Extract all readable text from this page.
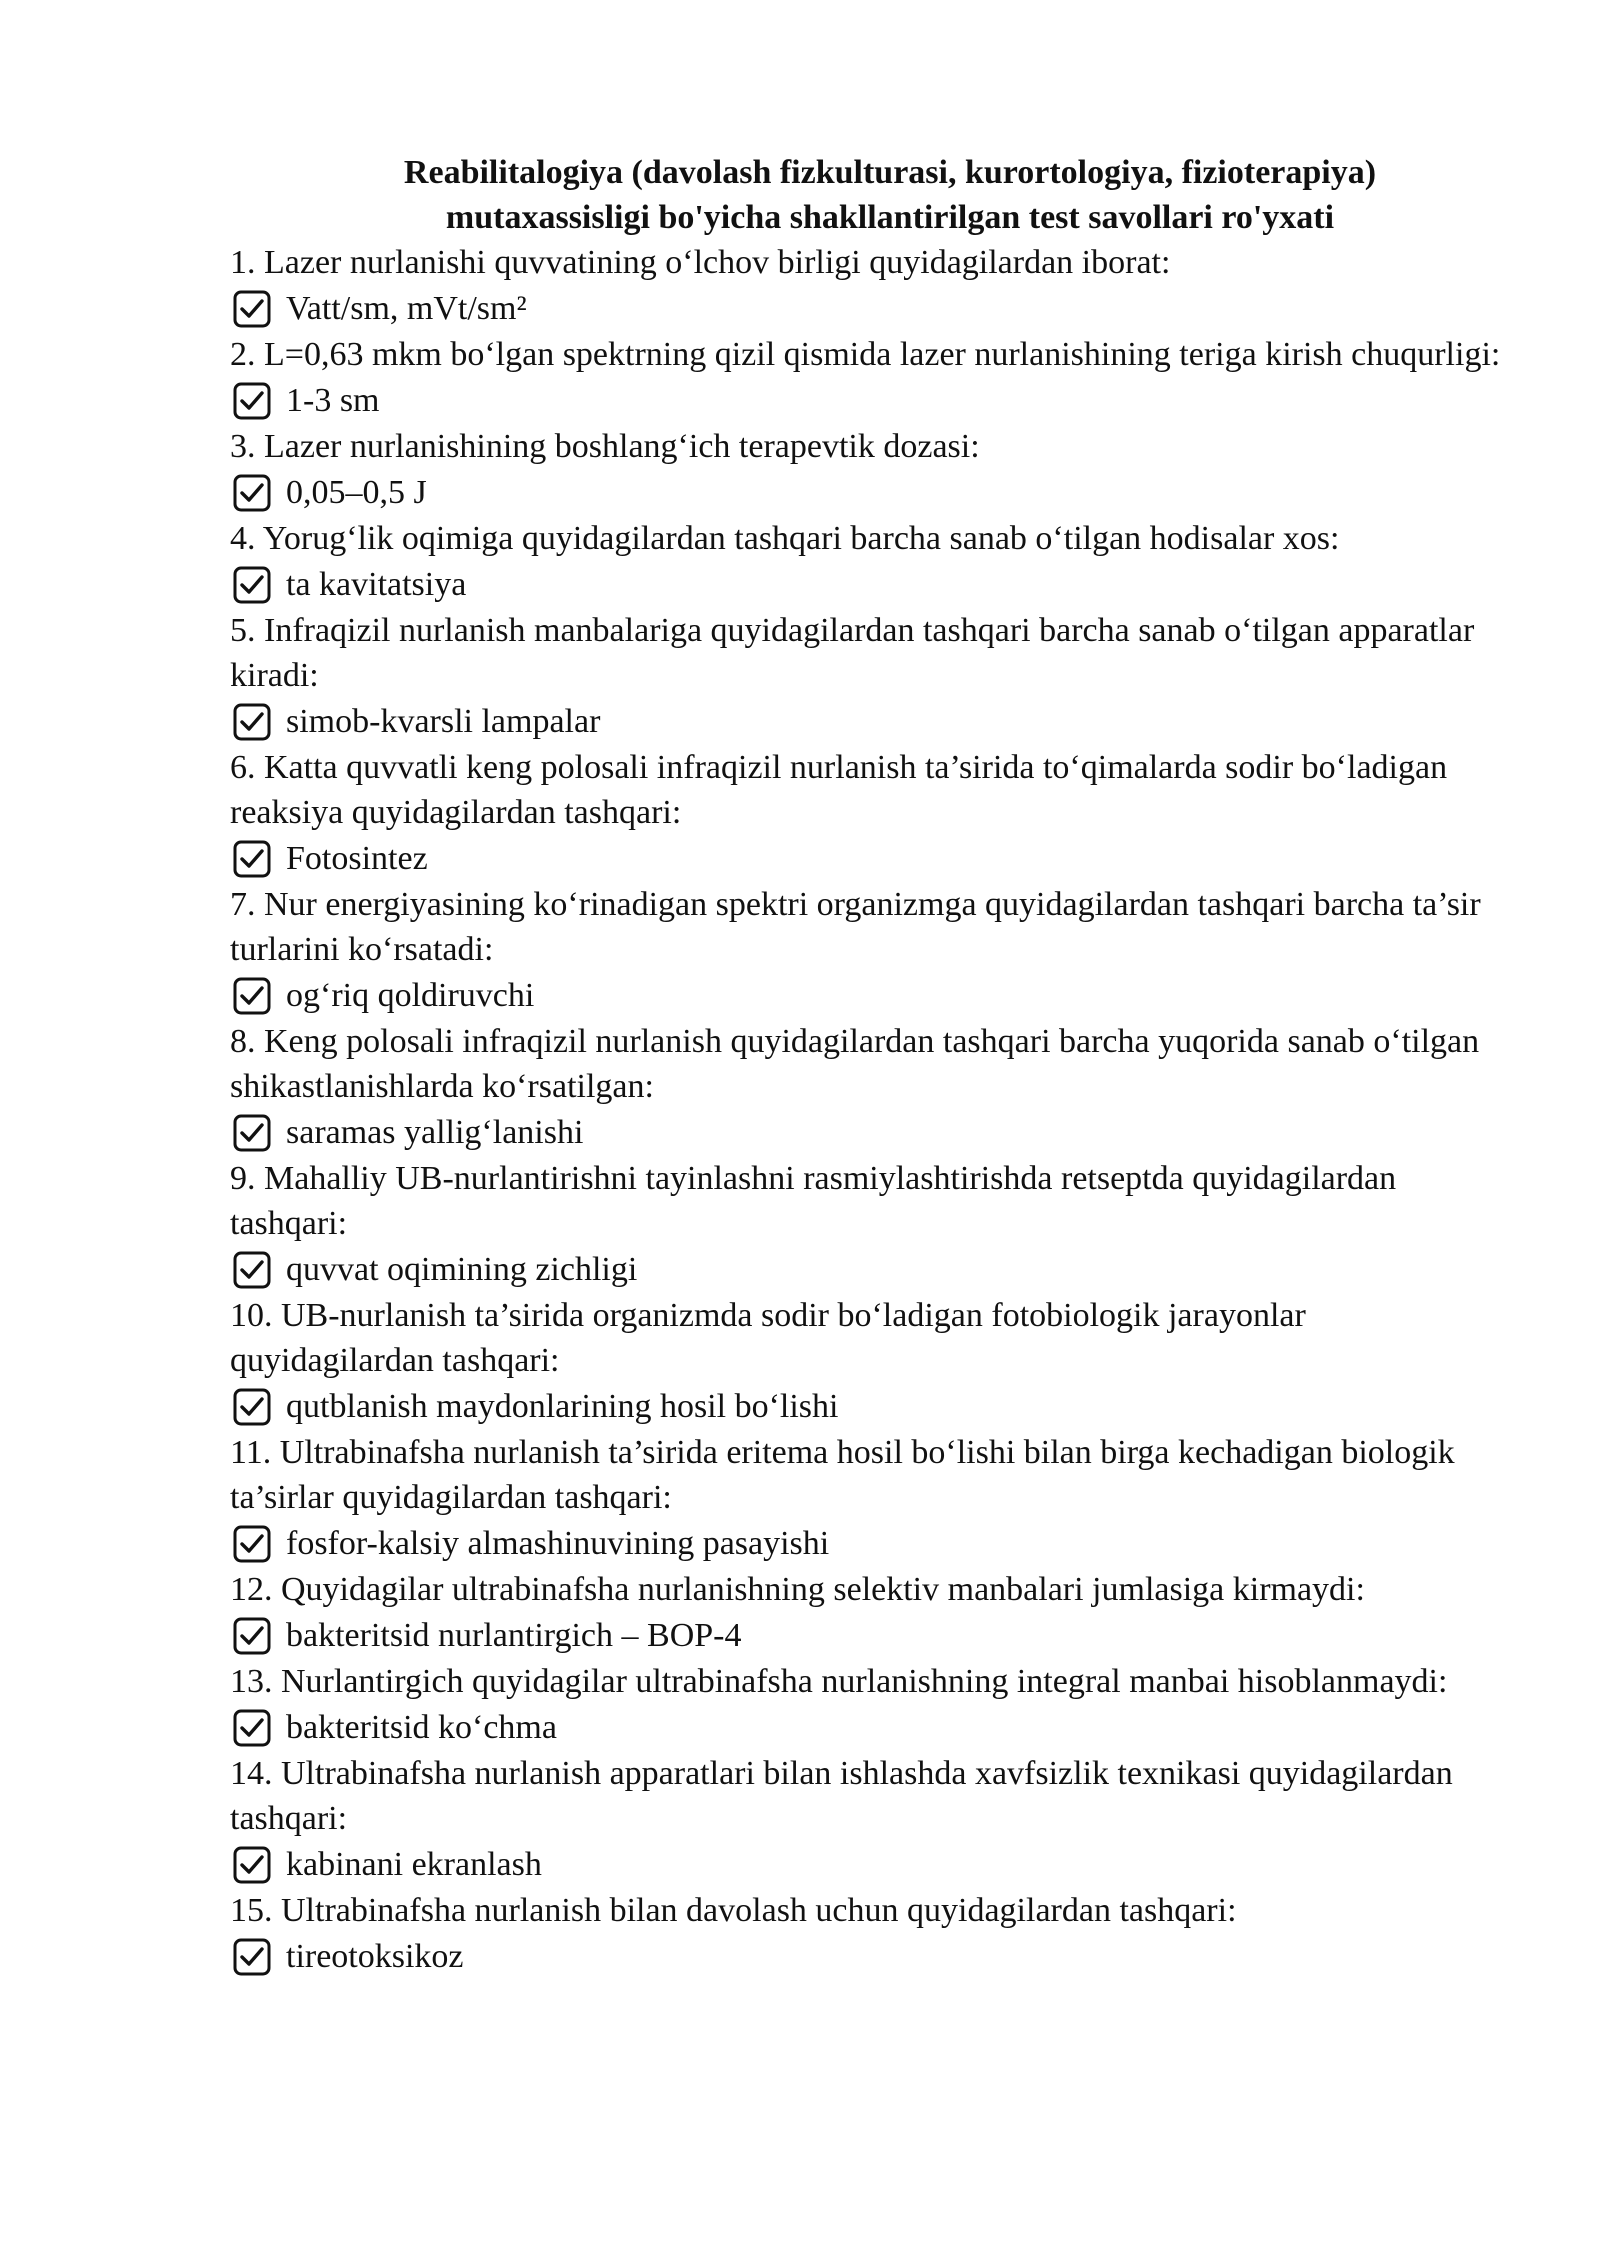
Reabilitalogiya (davolash fizkulturasi, kurortologiya, fizioterapiya)
mutaxassisligi bo'yicha shakllantirilgan test savollari ro'yxati
1. Lazer nurlanishi quvvatining o‘lchov birligi quyidagilardan iborat:
Vatt/sm, mVt/sm²
2. L=0,63 mkm bo‘lgan spektrning qizil qismida lazer nurlanishining teriga kirish chuqurligi:
1-3 sm
3. Lazer nurlanishining boshlang‘ich terapevtik dozasi:
0,05–0,5 J
4. Yorug‘lik oqimiga quyidagilardan tashqari barcha sanab o‘tilgan hodisalar xos:
ta kavitatsiya
5. Infraqizil nurlanish manbalariga quyidagilardan tashqari barcha sanab o‘tilgan apparatlar kiradi:
simob-kvarsli lampalar
6. Katta quvvatli keng polosali infraqizil nurlanish ta’sirida to‘qimalarda sodir bo‘ladigan reaksiya quyidagilardan tashqari:
Fotosintez
7. Nur energiyasining ko‘rinadigan spektri organizmga quyidagilardan tashqari barcha ta’sir turlarini ko‘rsatadi:
og‘riq qoldiruvchi
8. Keng polosali infraqizil nurlanish quyidagilardan tashqari barcha yuqorida sanab o‘tilgan shikastlanishlarda ko‘rsatilgan:
saramas yallig‘lanishi
9. Mahalliy UB-nurlantirishni tayinlashni rasmiylashtirishda retseptda quyidagilardan tashqari:
quvvat oqimining zichligi
10. UB-nurlanish ta’sirida organizmda sodir bo‘ladigan fotobiologik jarayonlar quyidagilardan tashqari:
qutblanish maydonlarining hosil bo‘lishi
11. Ultrabinafsha nurlanish ta’sirida eritema hosil bo‘lishi bilan birga kechadigan biologik ta’sirlar quyidagilardan tashqari:
fosfor-kalsiy almashinuvining pasayishi
12. Quyidagilar ultrabinafsha nurlanishning selektiv manbalari jumlasiga kirmaydi:
bakteritsid nurlantirgich – BOP-4
13. Nurlantirgich quyidagilar ultrabinafsha nurlanishning integral manbai hisoblanmaydi:
bakteritsid ko‘chma
14. Ultrabinafsha nurlanish apparatlari bilan ishlashda xavfsizlik texnikasi quyidagilardan tashqari:
kabinani ekranlash
15. Ultrabinafsha nurlanish bilan davolash uchun quyidagilardan tashqari:
tireotoksikoz
